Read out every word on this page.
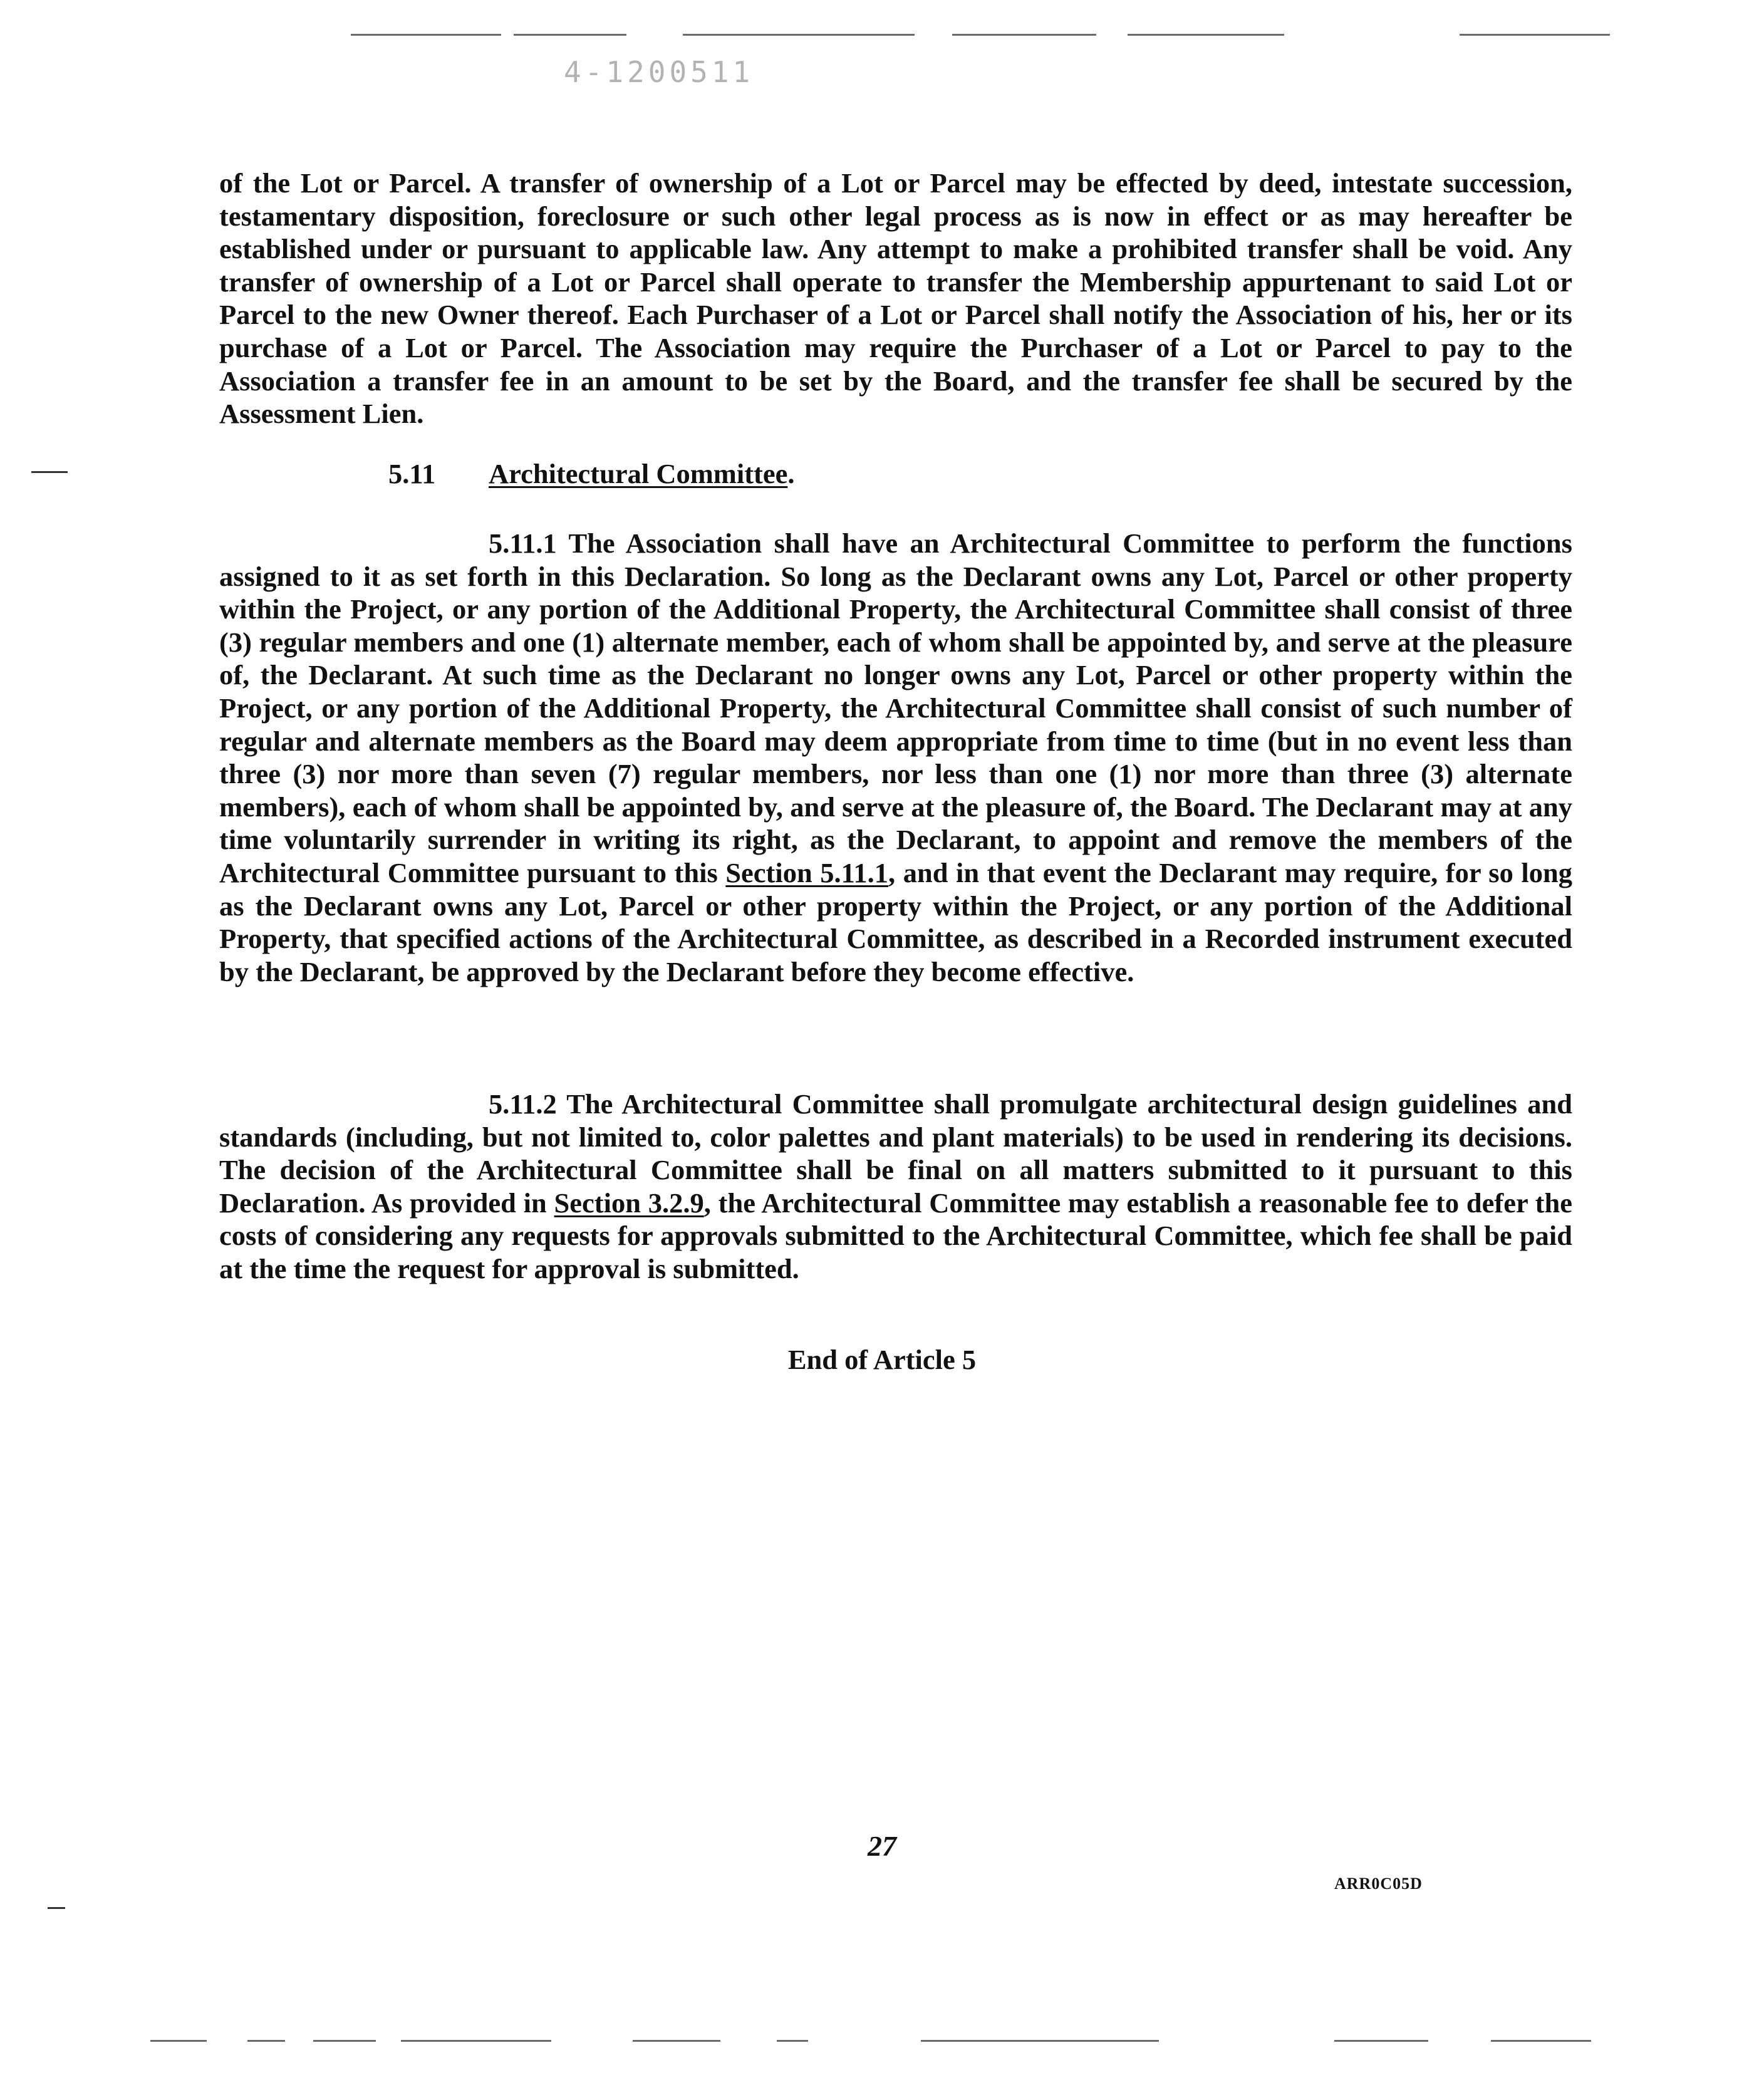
4-1200511
of the Lot or Parcel. A transfer of ownership of a Lot or Parcel may be effected by deed, intestate succession, testamentary disposition, foreclosure or such other legal process as is now in effect or as may hereafter be established under or pursuant to applicable law. Any attempt to make a prohibited transfer shall be void. Any transfer of ownership of a Lot or Parcel shall operate to transfer the Membership appurtenant to said Lot or Parcel to the new Owner thereof. Each Purchaser of a Lot or Parcel shall notify the Association of his, her or its purchase of a Lot or Parcel. The Association may require the Purchaser of a Lot or Parcel to pay to the Association a transfer fee in an amount to be set by the Board, and the transfer fee shall be secured by the Assessment Lien.
5.11 Architectural Committee.
5.11.1 The Association shall have an Architectural Committee to perform the functions assigned to it as set forth in this Declaration. So long as the Declarant owns any Lot, Parcel or other property within the Project, or any portion of the Additional Property, the Architectural Committee shall consist of three (3) regular members and one (1) alternate member, each of whom shall be appointed by, and serve at the pleasure of, the Declarant. At such time as the Declarant no longer owns any Lot, Parcel or other property within the Project, or any portion of the Additional Property, the Architectural Committee shall consist of such number of regular and alternate members as the Board may deem appropriate from time to time (but in no event less than three (3) nor more than seven (7) regular members, nor less than one (1) nor more than three (3) alternate members), each of whom shall be appointed by, and serve at the pleasure of, the Board. The Declarant may at any time voluntarily surrender in writing its right, as the Declarant, to appoint and remove the members of the Architectural Committee pursuant to this Section 5.11.1, and in that event the Declarant may require, for so long as the Declarant owns any Lot, Parcel or other property within the Project, or any portion of the Additional Property, that specified actions of the Architectural Committee, as described in a Recorded instrument executed by the Declarant, be approved by the Declarant before they become effective.
5.11.2 The Architectural Committee shall promulgate architectural design guidelines and standards (including, but not limited to, color palettes and plant materials) to be used in rendering its decisions. The decision of the Architectural Committee shall be final on all matters submitted to it pursuant to this Declaration. As provided in Section 3.2.9, the Architectural Committee may establish a reasonable fee to defer the costs of considering any requests for approvals submitted to the Architectural Committee, which fee shall be paid at the time the request for approval is submitted.
End of Article 5
27
ARR0C05D
